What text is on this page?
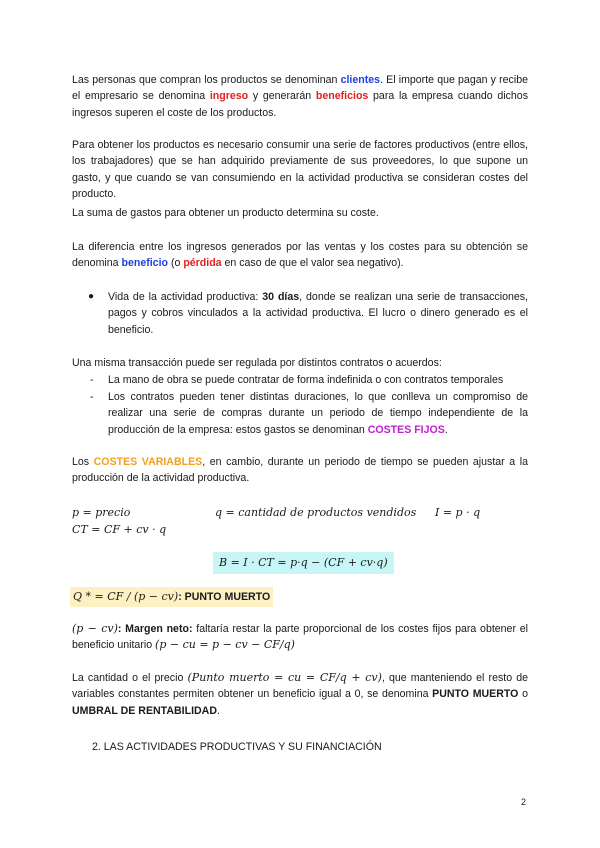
Las personas que compran los productos se denominan clientes. El importe que pagan y recibe el empresario se denomina ingreso y generarán beneficios para la empresa cuando dichos ingresos superen el coste de los productos.

Para obtener los productos es necesario consumir una serie de factores productivos (entre ellos, los trabajadores) que se han adquirido previamente de sus proveedores, lo que supone un gasto, y que cuando se van consumiendo en la actividad productiva se consideran costes del producto.

La suma de gastos para obtener un producto determina su coste.

La diferencia entre los ingresos generados por las ventas y los costes para su obtención se denomina beneficio (o pérdida en caso de que el valor sea negativo).

● Vida de la actividad productiva: 30 días, donde se realizan una serie de transacciones, pagos y cobros vinculados a la actividad productiva. El lucro o dinero generado es el beneficio.

Una misma transacción puede ser regulada por distintos contratos o acuerdos:

- La mano de obra se puede contratar de forma indefinida o con contratos temporales

- Los contratos pueden tener distintas duraciones, lo que conlleva un compromiso de realizar una serie de compras durante un periodo de tiempo independiente de la producción de la empresa: estos gastos se denominan COSTES FIJOS.

Los COSTES VARIABLES, en cambio, durante un periodo de tiempo se pueden ajustar a la producción de la actividad productiva.

p = precio	q = cantidad de productos vendidos I = p · q
CT = CF + cv · q
B = I · CT = p·q − (CF + cv·q)
Q * = CF / (p − cv): PUNTO MUERTO

(p − cv): Margen neto: faltaría restar la parte proporcional de los costes fijos para obtener el beneficio unitario (p − cu = p − cv − CF/q)

La cantidad o el precio (Punto muerto = cu = CF/q + cv), que manteniendo el resto de variables constantes permiten obtener un beneficio igual a 0, se denomina PUNTO MUERTO o UMBRAL DE RENTABILIDAD.

2. LAS ACTIVIDADES PRODUCTIVAS Y SU FINANCIACIÓN
2
